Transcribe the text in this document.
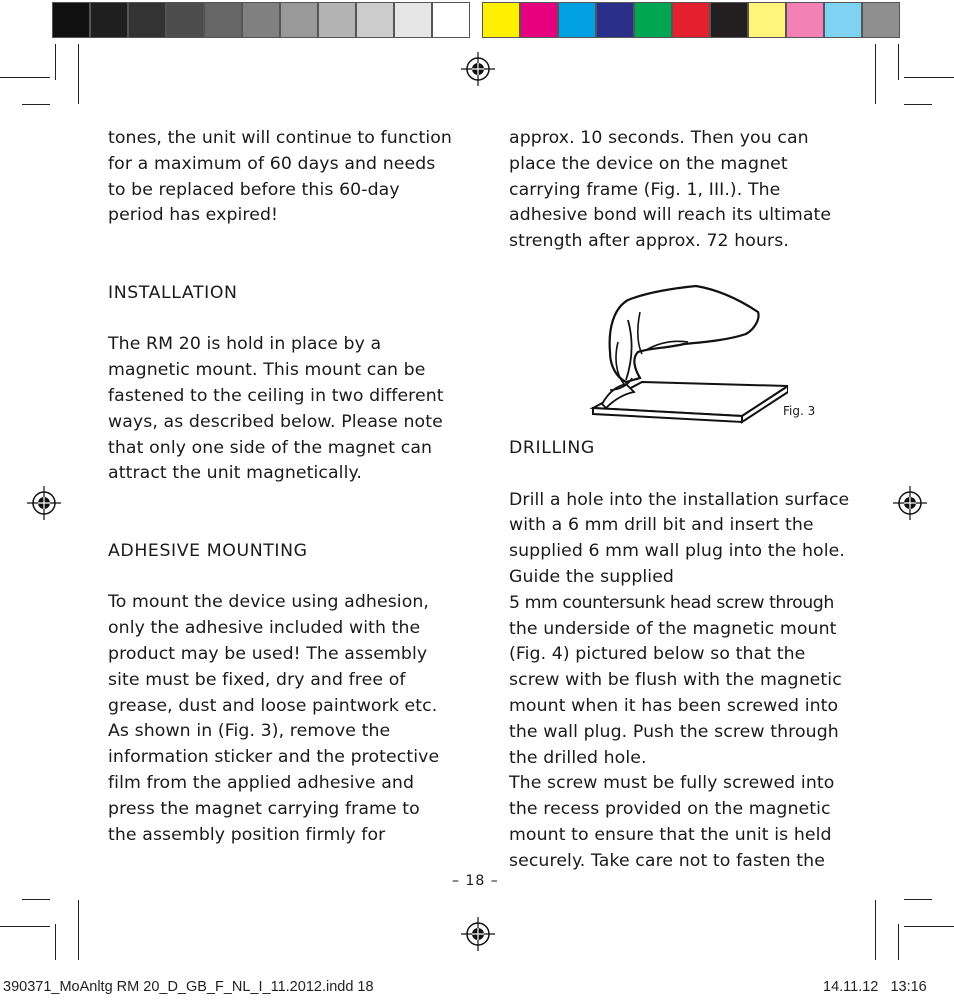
tones, the unit will continue to function for a maximum of 60 days and needs to be replaced before this 60-day period has expired!

INSTALLATION

The RM 20 is hold in place by a magnetic mount. This mount can be fastened to the ceiling in two different ways, as described below. Please note that only one side of the magnet can attract the unit magnetically.

ADHESIVE MOUNTING

To mount the device using adhesion, only the adhesive included with the product may be used! The assembly site must be fixed, dry and free of grease, dust and loose paintwork etc. As shown in (Fig. 3), remove the information sticker and the protective film from the applied adhesive and press the magnet carrying frame to the assembly position firmly for

approx. 10 seconds. Then you can place the device on the magnet carrying frame (Fig. 1, III.). The adhesive bond will reach its ultimate strength after approx. 72 hours.

DRILLING

Drill a hole into the installation surface with a 6 mm drill bit and insert the supplied 6 mm wall plug into the hole. Guide the supplied
5 mm countersunk head screw through
the underside of the magnetic mount (Fig. 4) pictured below so that the screw with be flush with the magnetic mount when it has been screwed into the wall plug. Push the screw through the drilled hole.

The screw must be fully screwed into the recess provided on the magnetic mount to ensure that the unit is held securely. Take care not to fasten the

Fig. 3
– 18 –
390371_MoAnltg RM 20_D_GB_F_NL_I_11.2012.indd 18	14.11.12   13:16
